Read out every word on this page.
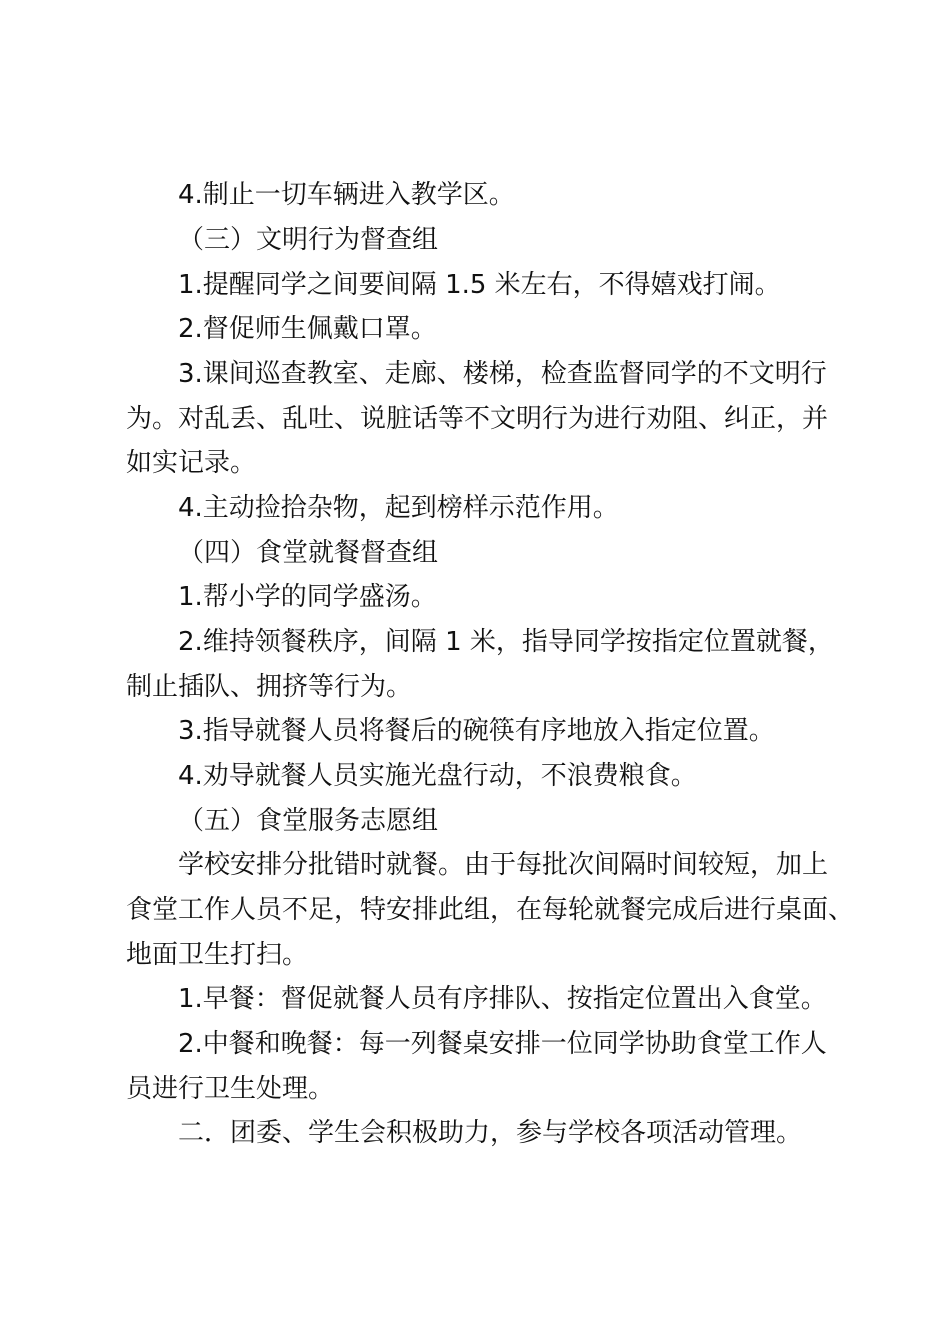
4.制止一切车辆进入教学区。
（三）文明行为督查组
1.提醒同学之间要间隔 1.5 米左右，不得嬉戏打闹。
2.督促师生佩戴口罩。
3.课间巡查教室、走廊、楼梯，检查监督同学的不文明行
为。对乱丢、乱吐、说脏话等不文明行为进行劝阻、纠正，并
如实记录。
4.主动捡拾杂物，起到榜样示范作用。
（四）食堂就餐督查组
1.帮小学的同学盛汤。
2.维持领餐秩序，间隔 1 米，指导同学按指定位置就餐，
制止插队、拥挤等行为。
3.指导就餐人员将餐后的碗筷有序地放入指定位置。
4.劝导就餐人员实施光盘行动，不浪费粮食。
（五）食堂服务志愿组
学校安排分批错时就餐。由于每批次间隔时间较短，加上
食堂工作人员不足，特安排此组，在每轮就餐完成后进行桌面、
地面卫生打扫。
1.早餐：督促就餐人员有序排队、按指定位置出入食堂。
2.中餐和晚餐：每一列餐桌安排一位同学协助食堂工作人
员进行卫生处理。
二．团委、学生会积极助力，参与学校各项活动管理。
